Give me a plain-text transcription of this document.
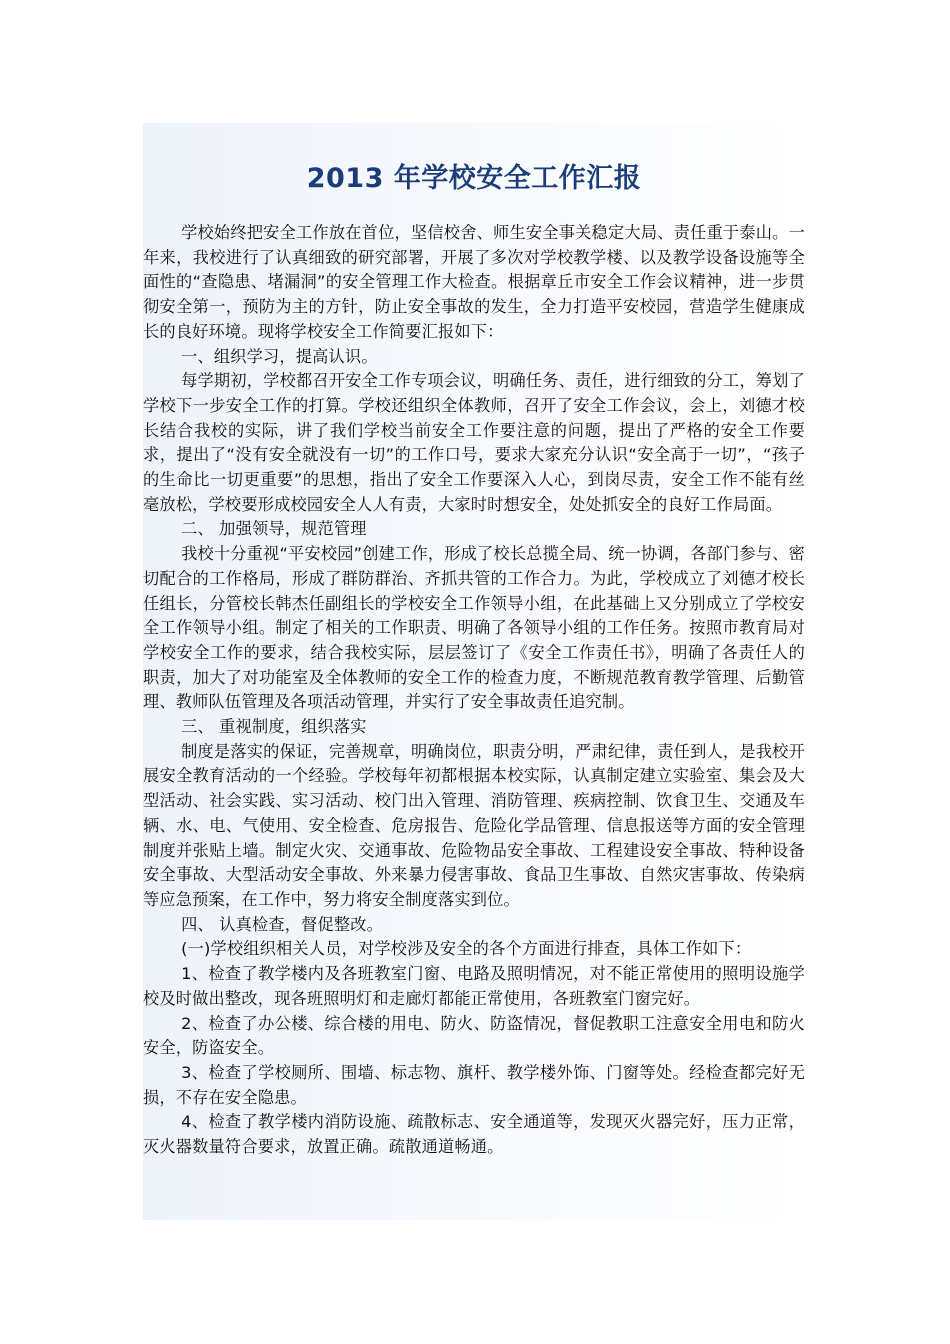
2013 年学校安全工作汇报

学校始终把安全工作放在首位，坚信校舍、师生安全事关稳定大局、责任重于泰山。一年来，我校进行了认真细致的研究部署，开展了多次对学校教学楼、以及教学设备设施等全面性的“查隐患、堵漏洞”的安全管理工作大检查。根据章丘市安全工作会议精神，进一步贯彻安全第一，预防为主的方针，防止安全事故的发生，全力打造平安校园，营造学生健康成长的良好环境。现将学校安全工作简要汇报如下：

一、组织学习，提高认识。

每学期初，学校都召开安全工作专项会议，明确任务、责任，进行细致的分工，筹划了学校下一步安全工作的打算。学校还组织全体教师，召开了安全工作会议，会上，刘德才校长结合我校的实际，讲了我们学校当前安全工作要注意的问题，提出了严格的安全工作要求，提出了“没有安全就没有一切”的工作口号，要求大家充分认识“安全高于一切”，“孩子的生命比一切更重要”的思想，指出了安全工作要深入人心，到岗尽责，安全工作不能有丝毫放松，学校要形成校园安全人人有责，大家时时想安全，处处抓安全的良好工作局面。

二、 加强领导，规范管理

我校十分重视“平安校园”创建工作，形成了校长总揽全局、统一协调，各部门参与、密切配合的工作格局，形成了群防群治、齐抓共管的工作合力。为此，学校成立了刘德才校长任组长，分管校长韩杰任副组长的学校安全工作领导小组，在此基础上又分别成立了学校安全工作领导小组。制定了相关的工作职责、明确了各领导小组的工作任务。按照市教育局对学校安全工作的要求，结合我校实际，层层签订了《安全工作责任书》，明确了各责任人的职责，加大了对功能室及全体教师的安全工作的检查力度，不断规范教育教学管理、后勤管理、教师队伍管理及各项活动管理，并实行了安全事故责任追究制。

三、 重视制度，组织落实

制度是落实的保证，完善规章，明确岗位，职责分明，严肃纪律，责任到人，是我校开展安全教育活动的一个经验。学校每年初都根据本校实际，认真制定建立实验室、集会及大型活动、社会实践、实习活动、校门出入管理、消防管理、疾病控制、饮食卫生、交通及车辆、水、电、气使用、安全检查、危房报告、危险化学品管理、信息报送等方面的安全管理制度并张贴上墙。制定火灾、交通事故、危险物品安全事故、工程建设安全事故、特种设备安全事故、大型活动安全事故、外来暴力侵害事故、食品卫生事故、自然灾害事故、传染病等应急预案，在工作中，努力将安全制度落实到位。

四、 认真检查，督促整改。

(一)学校组织相关人员，对学校涉及安全的各个方面进行排查，具体工作如下：

1、检查了教学楼内及各班教室门窗、电路及照明情况，对不能正常使用的照明设施学校及时做出整改，现各班照明灯和走廊灯都能正常使用，各班教室门窗完好。

2、检查了办公楼、综合楼的用电、防火、防盗情况，督促教职工注意安全用电和防火安全，防盗安全。

3、检查了学校厕所、围墙、标志物、旗杆、教学楼外饰、门窗等处。经检查都完好无损，不存在安全隐患。

4、检查了教学楼内消防设施、疏散标志、安全通道等，发现灭火器完好，压力正常，灭火器数量符合要求，放置正确。疏散通道畅通。
